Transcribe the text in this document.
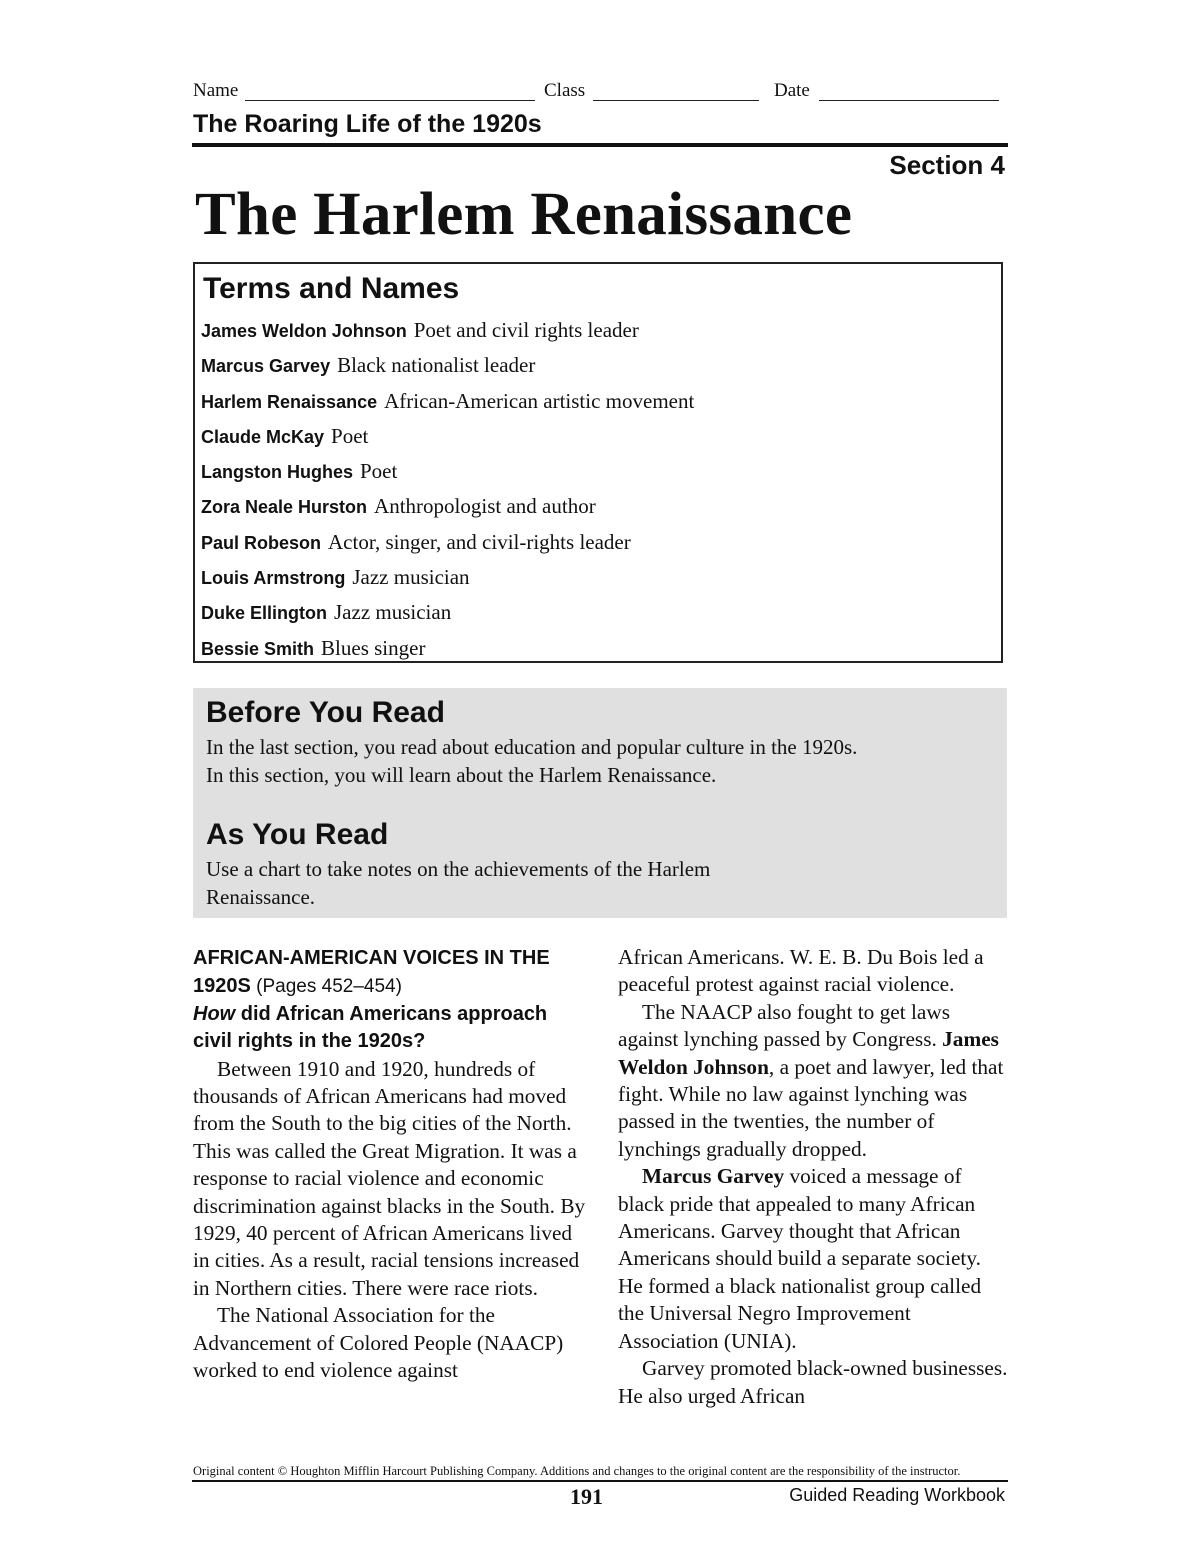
Name	Class	Date
The Roaring Life of the 1920s
Section 4
The Harlem Renaissance
Terms and Names
James Weldon Johnson Poet and civil rights leader
Marcus Garvey Black nationalist leader
Harlem Renaissance African-American artistic movement
Claude McKay Poet
Langston Hughes Poet
Zora Neale Hurston Anthropologist and author
Paul Robeson Actor, singer, and civil-rights leader
Louis Armstrong Jazz musician
Duke Ellington Jazz musician
Bessie Smith Blues singer
Before You Read

In the last section, you read about education and popular culture in the 1920s. In this section, you will learn about the Harlem Renaissance.

As You Read

Use a chart to take notes on the achievements of the Harlem Renaissance.

AFRICAN-AMERICAN VOICES IN THE 1920S (Pages 452–454)

How did African Americans approach civil rights in the 1920s?

Between 1910 and 1920, hundreds of thousands of African Americans had moved from the South to the big cities of the North. This was called the Great Migration. It was a response to racial violence and economic discrimination against blacks in the South. By 1929, 40 percent of African Americans lived in cities. As a result, racial tensions increased in Northern cities. There were race riots.

The National Association for the Advancement of Colored People (NAACP) worked to end violence against

African Americans. W. E. B. Du Bois led a peaceful protest against racial violence.

The NAACP also fought to get laws against lynching passed by Congress. James Weldon Johnson, a poet and lawyer, led that fight. While no law against lynching was passed in the twenties, the number of lynchings gradually dropped.

Marcus Garvey voiced a message of black pride that appealed to many African Americans. Garvey thought that African Americans should build a separate society. He formed a black nationalist group called the Universal Negro Improvement Association (UNIA).

Garvey promoted black-owned businesses. He also urged African

Original content © Houghton Mifflin Harcourt Publishing Company. Additions and changes to the original content are the responsibility of the instructor.
191	Guided Reading Workbook
